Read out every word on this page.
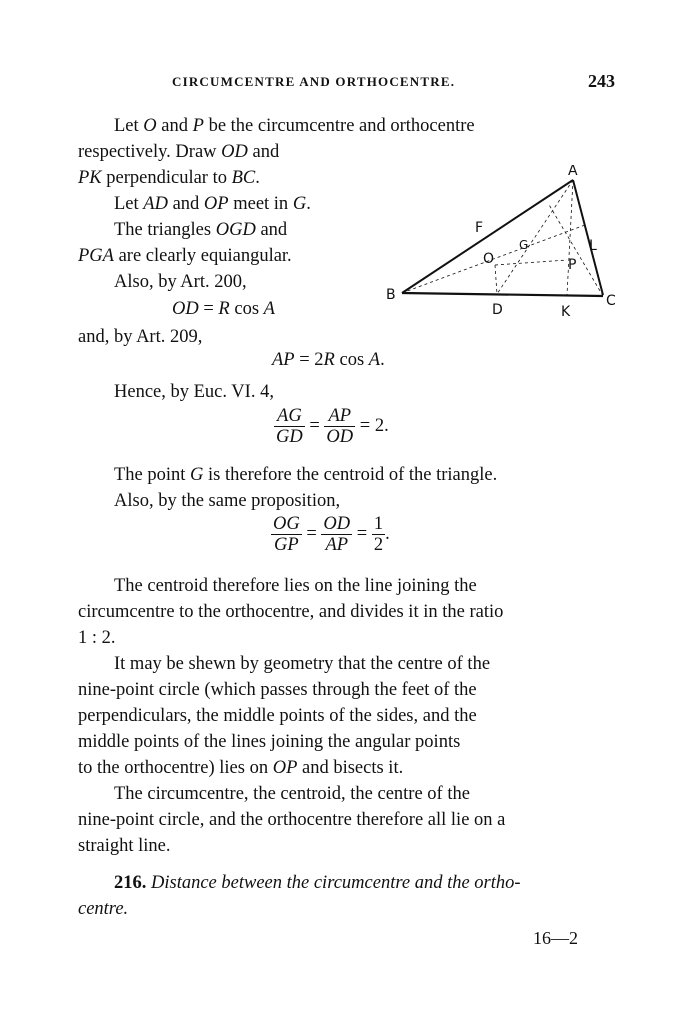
CIRCUMCENTRE AND ORTHOCENTRE.	243
Let O and P be the circumcentre and orthocentre
respectively. Draw OD and
PK perpendicular to BC.
Let AD and OP meet in G.
The triangles OGD and
PGA are clearly equiangular.
Also, by Art. 200,
OD = R cos A
and, by Art. 209,
AP = 2R cos A.
Hence, by Euc. VI. 4,
$\frac{AG}{GD} = \frac{AP}{OD} = 2$.
The point G is therefore the centroid of the triangle.
Also, by the same proposition,
$\frac{OG}{GP} = \frac{OD}{AP} = \frac{1}{2}$ .
The centroid therefore lies on the line joining the
circumcentre to the orthocentre, and divides it in the ratio
1 : 2.
It may be shewn by geometry that the centre of the
nine-point circle (which passes through the feet of the
perpendiculars, the middle points of the sides, and the
middle points of the lines joining the angular points
to the orthocentre) lies on OP and bisects it.
The circumcentre, the centroid, the centre of the
nine-point circle, and the orthocentre therefore all lie on a
straight line.
216. Distance between the circumcentre and the ortho-
centre.
16—2
A
B	C
D	K
F
L
O
G
P
